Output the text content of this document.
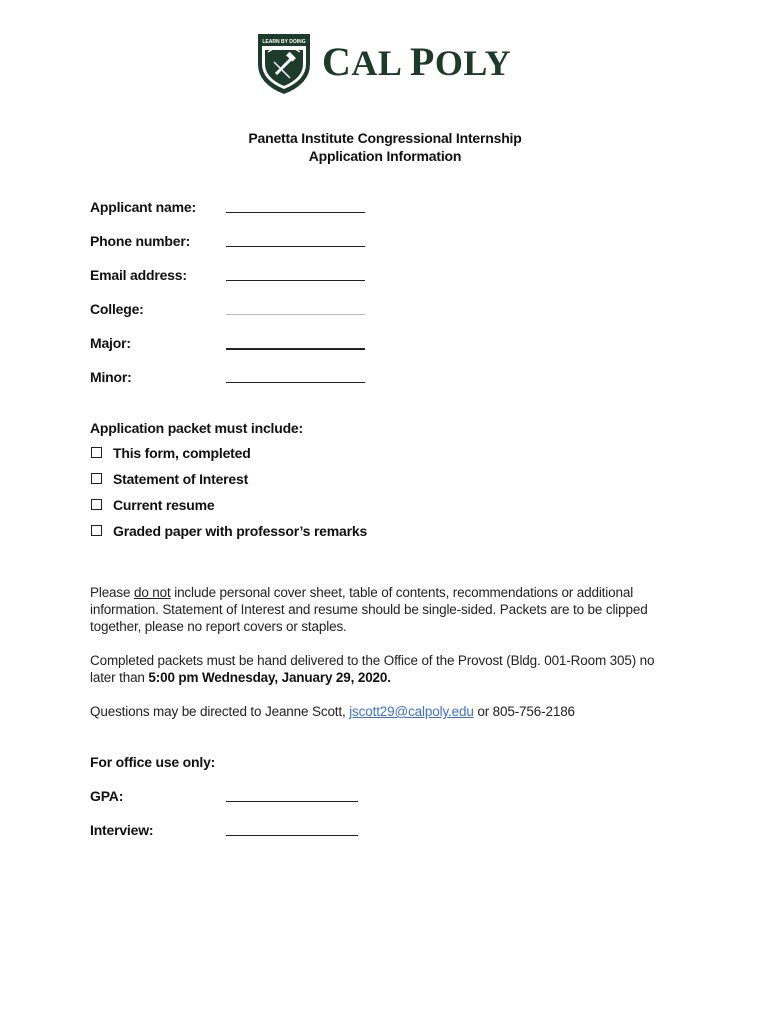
LEARN BY DOING CAL POLY
Panetta Institute Congressional Internship
Application Information
Applicant name:
Phone number:
Email address:
College:
Major:
Minor:
Application packet must include:
This form, completed
Statement of Interest
Current resume
Graded paper with professor’s remarks
Please do not include personal cover sheet, table of contents, recommendations or additional information. Statement of Interest and resume should be single-sided. Packets are to be clipped together, please no report covers or staples.
Completed packets must be hand delivered to the Office of the Provost (Bldg. 001-Room 305) no later than 5:00 pm Wednesday, January 29, 2020.
Questions may be directed to Jeanne Scott, jscott29@calpoly.edu or 805-756-2186
For office use only:
GPA:
Interview:
